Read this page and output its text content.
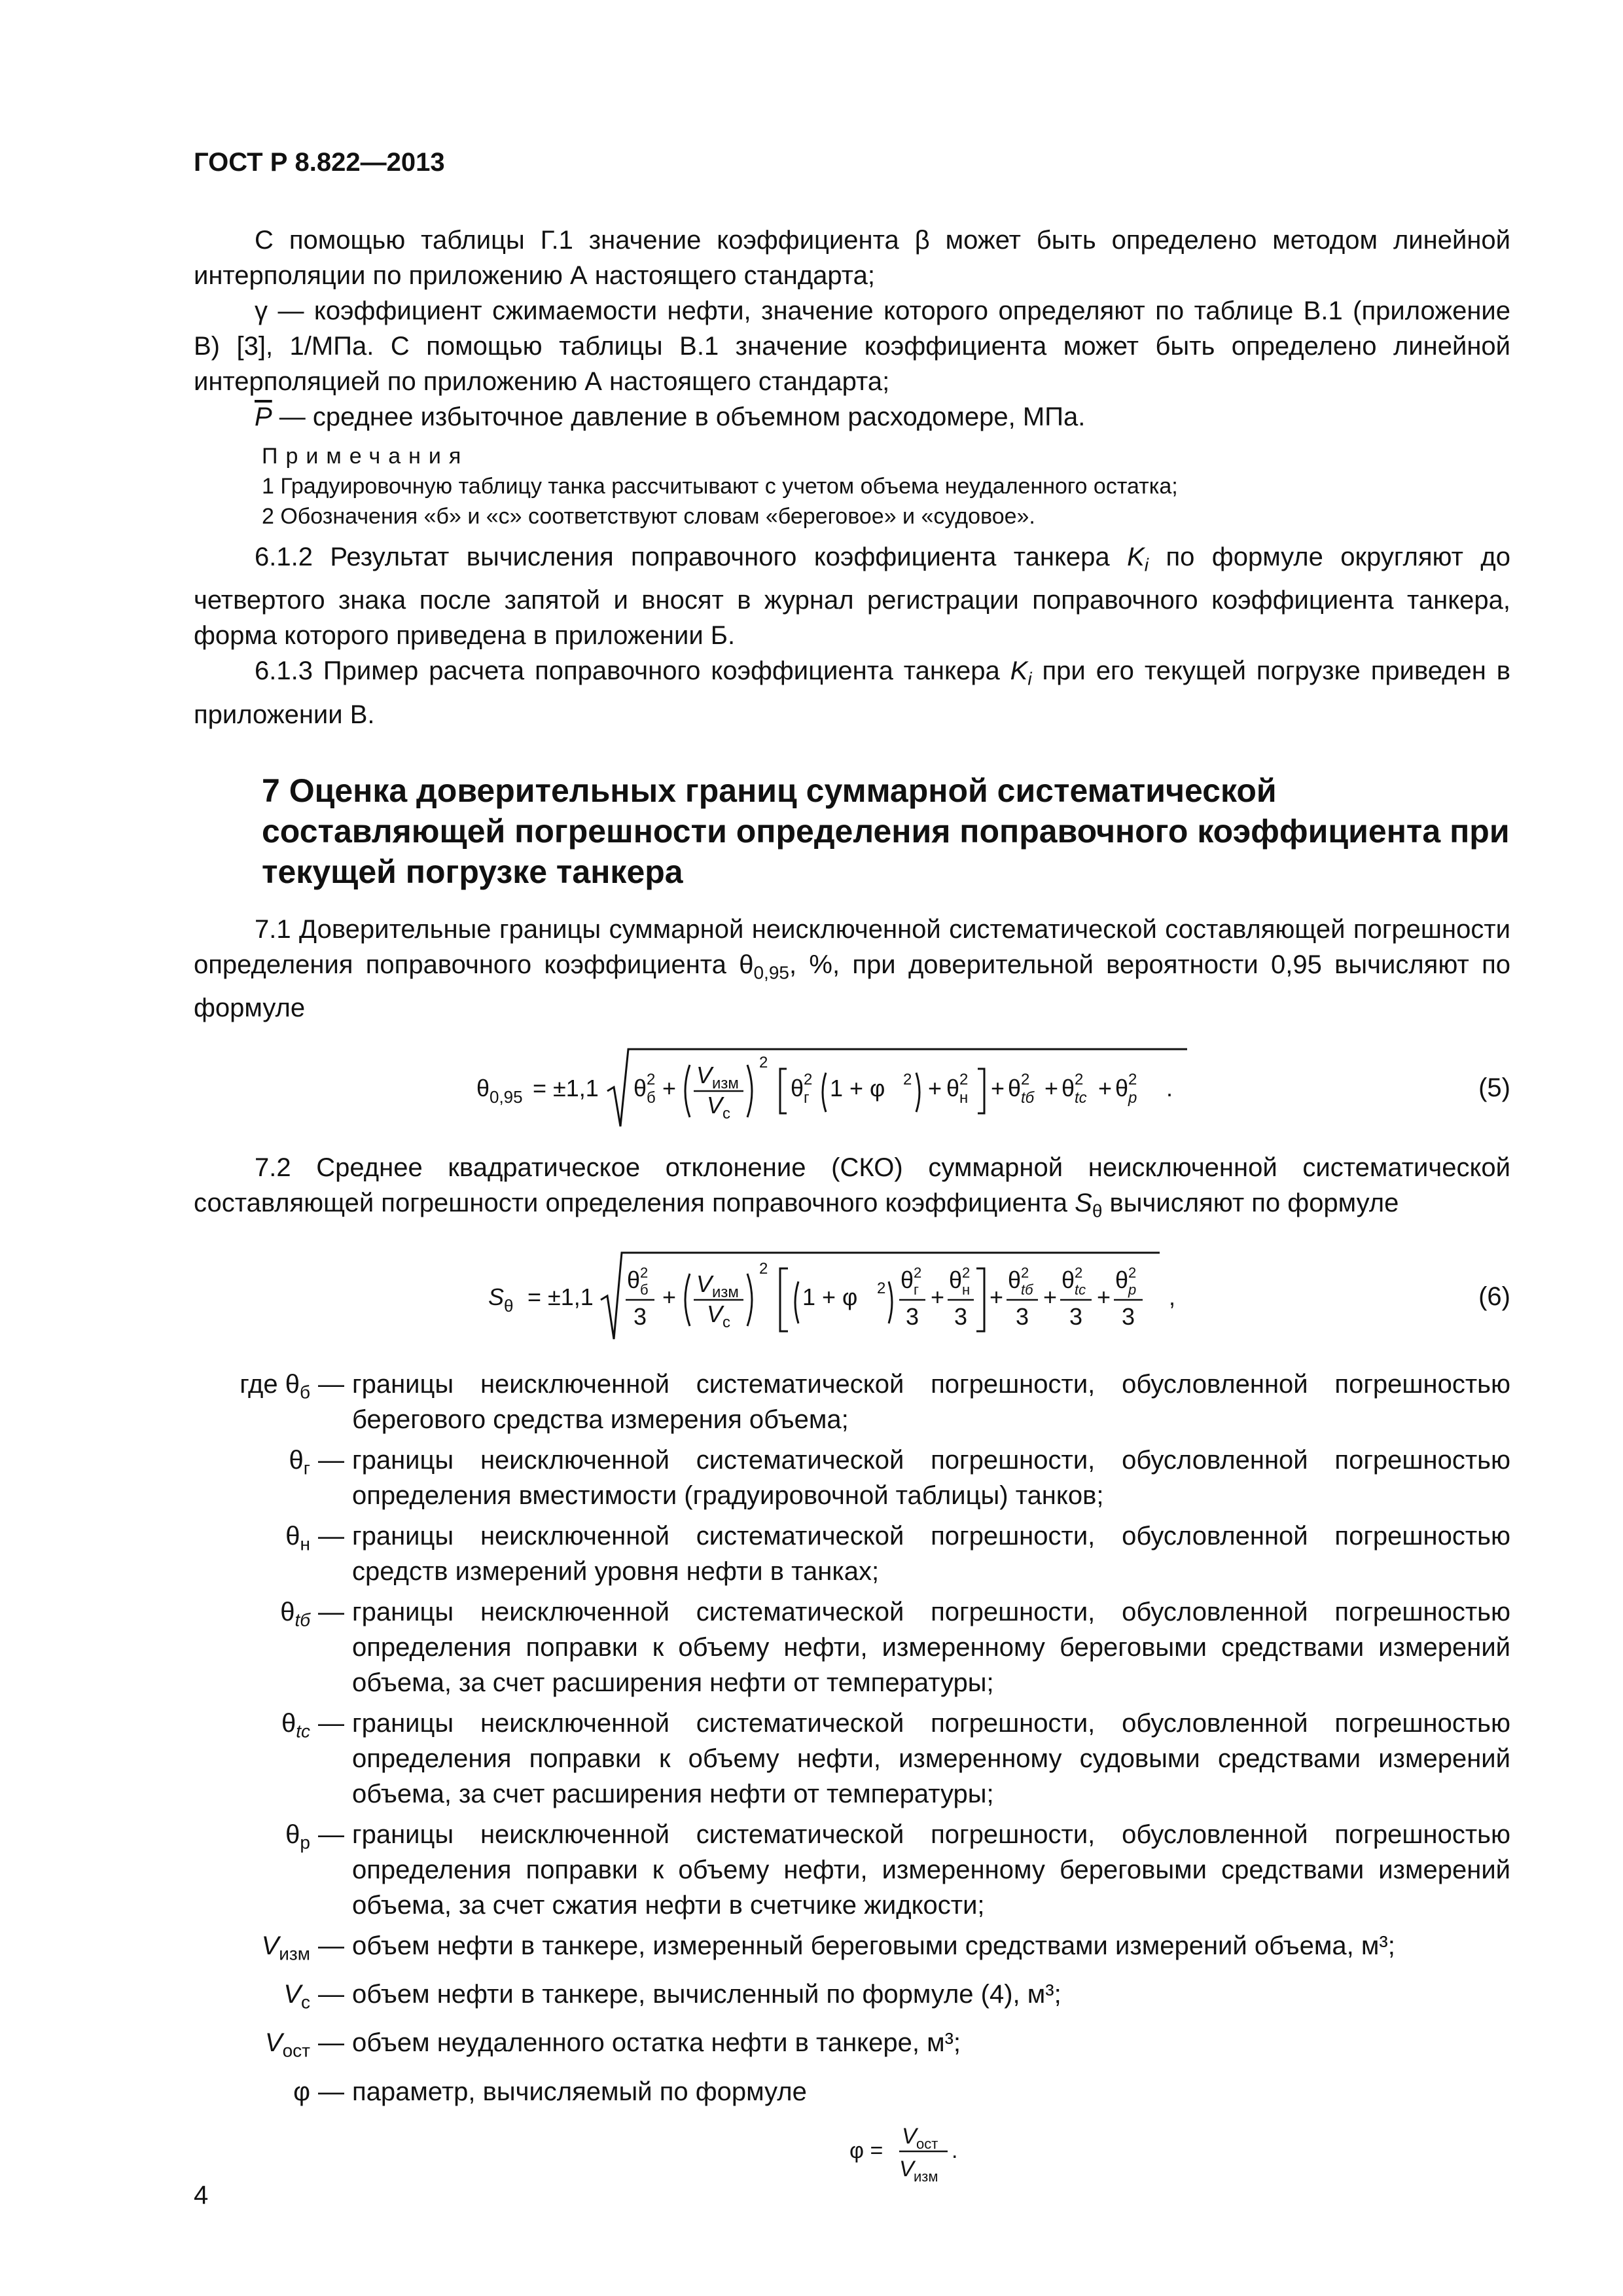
ГОСТ Р 8.822—2013

С помощью таблицы Г.1 значение коэффициента β может быть определено методом линейной интерполяции по приложению А настоящего стандарта;

γ — коэффициент сжимаемости нефти, значение которого определяют по таблице В.1 (приложение В) [3], 1/МПа. С помощью таблицы В.1 значение коэффициента может быть определено линейной интерполяцией по приложению А настоящего стандарта;

$\overline{P}$ — среднее избыточное давление в объемном расходомере, МПа.

Примечания

1 Градуировочную таблицу танка рассчитывают с учетом объема неудаленного остатка;

2 Обозначения «б» и «с» соответствуют словам «береговое» и «судовое».

6.1.2 Результат вычисления поправочного коэффициента танкера $K_i$ по формуле округляют до четвертого знака после запятой и вносят в журнал регистрации поправочного коэффициента танкера, форма которого приведена в приложении Б.

6.1.3 Пример расчета поправочного коэффициента танкера $K_i$ при его текущей погрузке приведен в приложении В.

7 Оценка доверительных границ суммарной систематической составляющей погрешности определения поправочного коэффициента при текущей погрузке танкера

7.1 Доверительные границы суммарной неисключенной систематической составляющей погрешности определения поправочного коэффициента $\theta_{0,95}$, %, при доверительной вероятности 0,95 вычисляют по формуле

θ 0,95 = ±1,1 θ 2
б + V изм
V с
2
θ 2
г 1 + φ 2 + θ 2
н + θ 2
tб + θ 2
tс + θ 2
p .	(5)

7.2 Среднее квадратическое отклонение (СКО) суммарной неисключенной систематической составляющей погрешности определения поправочного коэффициента $S_\theta$ вычисляют по формуле

S θ = ±1,1
θ 2
б
3
+ V изм
V с
2
1 + φ 2 θ 2
г
3
+
θ 2
н
3
+
θ 2
tб
3
+
θ 2
tс
3
+
θ 2
p
3
,	(6)
где $\theta_б$ — границы неисключенной систематической погрешности, обусловленной погрешностью берегового средства измерения объема;
$\theta_г$ — границы неисключенной систематической погрешности, обусловленной погрешностью определения вместимости (градуировочной таблицы) танков;
$\theta_н$ — границы неисключенной систематической погрешности, обусловленной погрешностью средств измерений уровня нефти в танках;
$\theta_{tб}$ — границы неисключенной систематической погрешности, обусловленной погрешностью определения поправки к объему нефти, измеренному береговыми средствами измерений объема, за счет расширения нефти от температуры;
$\theta_{tс}$ — границы неисключенной систематической погрешности, обусловленной погрешностью определения поправки к объему нефти, измеренному судовыми средствами измерений объема, за счет расширения нефти от температуры;
$\theta_р$ — границы неисключенной систематической погрешности, обусловленной погрешностью определения поправки к объему нефти, измеренному береговыми средствами измерений объема, за счет сжатия нефти в счетчике жидкости;
$V_{изм}$ — объем нефти в танкере, измеренный береговыми средствами измерений объема, м³;
$V_с$ — объем нефти в танкере, вычисленный по формуле (4), м³;
$V_{ост}$ — объем неудаленного остатка нефти в танкере, м³;
φ — параметр, вычисляемый по формуле
φ =
V ост
V изм
.
4
